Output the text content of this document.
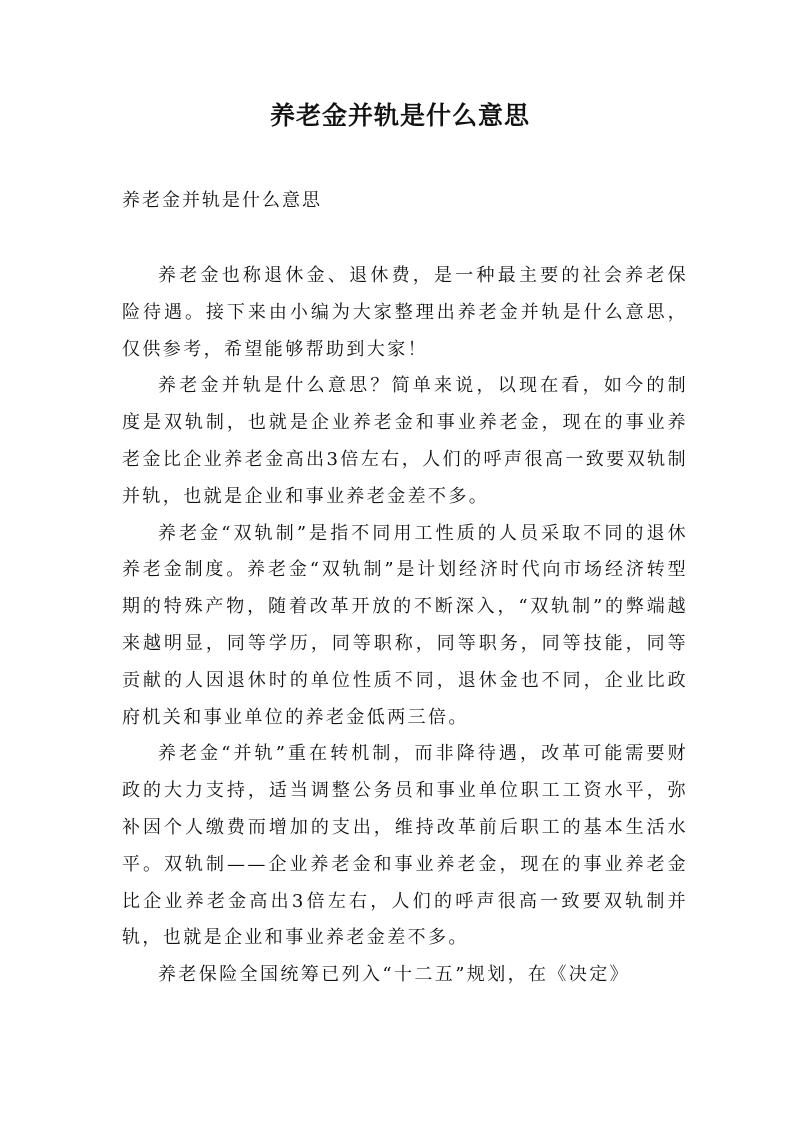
养老金并轨是什么意思

养老金并轨是什么意思

养老金也称退休金、退休费，是一种最主要的社会养老保险待遇。接下来由小编为大家整理出养老金并轨是什么意思，仅供参考，希望能够帮助到大家！

养老金并轨是什么意思？简单来说，以现在看，如今的制度是双轨制，也就是企业养老金和事业养老金，现在的事业养老金比企业养老金高出3倍左右，人们的呼声很高一致要双轨制并轨，也就是企业和事业养老金差不多。

养老金“双轨制”是指不同用工性质的人员采取不同的退休养老金制度。养老金“双轨制”是计划经济时代向市场经济转型期的特殊产物，随着改革开放的不断深入，“双轨制”的弊端越来越明显，同等学历，同等职称，同等职务，同等技能，同等贡献的人因退休时的单位性质不同，退休金也不同，企业比政府机关和事业单位的养老金低两三倍。

养老金“并轨”重在转机制，而非降待遇，改革可能需要财政的大力支持，适当调整公务员和事业单位职工工资水平，弥补因个人缴费而增加的支出，维持改革前后职工的基本生活水平。双轨制——企业养老金和事业养老金，现在的事业养老金比企业养老金高出3倍左右，人们的呼声很高一致要双轨制并轨，也就是企业和事业养老金差不多。

养老保险全国统筹已列入“十二五”规划，在《决定》
